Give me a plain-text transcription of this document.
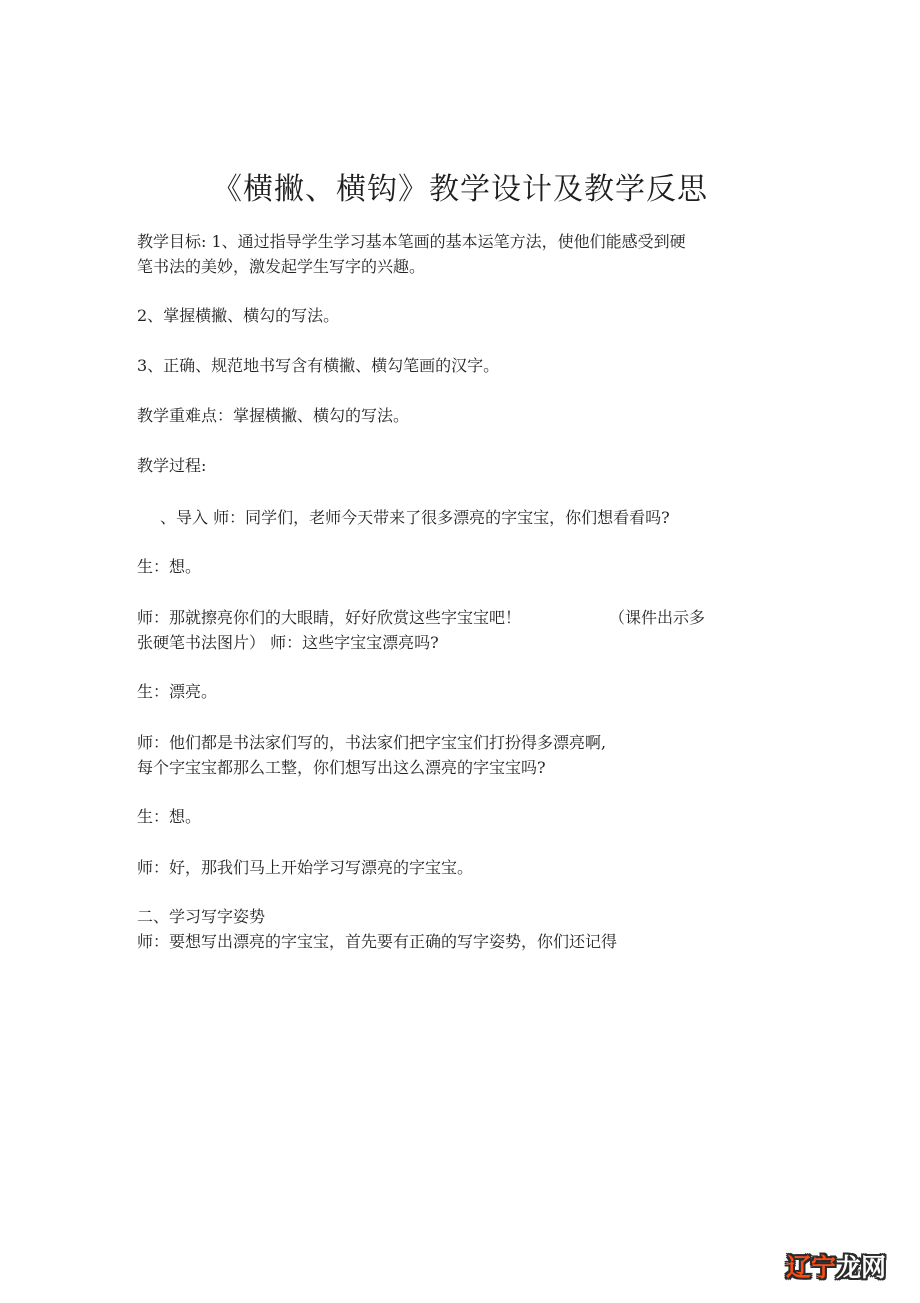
《横撇、横钩》教学设计及教学反思

教学目标: 1、通过指导学生学习基本笔画的基本运笔方法，使他们能感受到硬

笔书法的美妙，激发起学生写字的兴趣。

2、掌握横撇、横勾的写法。

3、正确、规范地书写含有横撇、横勾笔画的汉字。

教学重难点：掌握横撇、横勾的写法。

教学过程:

、导入 师：同学们，老师今天带来了很多漂亮的字宝宝，你们想看看吗?

生：想。

师：那就擦亮你们的大眼睛，好好欣赏这些字宝宝吧！	（课件出示多

张硬笔书法图片） 师：这些字宝宝漂亮吗?

生：漂亮。

师：他们都是书法家们写的，书法家们把字宝宝们打扮得多漂亮啊,

每个字宝宝都那么工整，你们想写出这么漂亮的字宝宝吗?

生：想。

师：好，那我们马上开始学习写漂亮的字宝宝。

二、学习写字姿势

师：要想写出漂亮的字宝宝，首先要有正确的写字姿势，你们还记得

辽宁龙网
